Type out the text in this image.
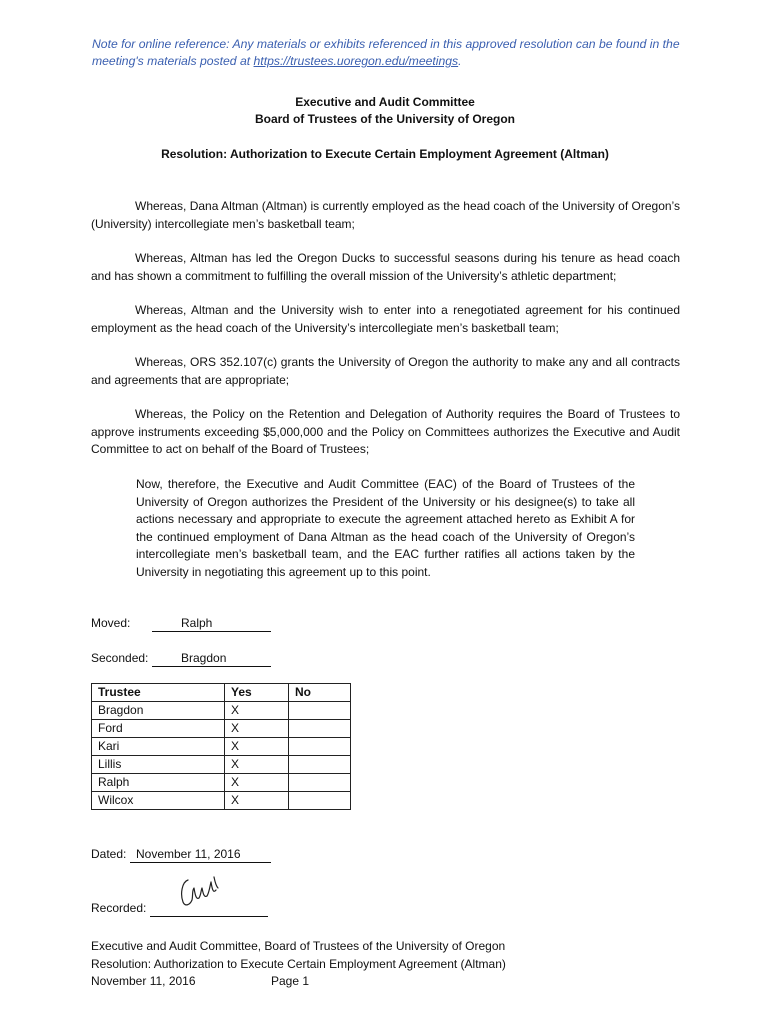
Note for online reference: Any materials or exhibits referenced in this approved resolution can be found in the meeting's materials posted at https://trustees.uoregon.edu/meetings.
Executive and Audit Committee
Board of Trustees of the University of Oregon
Resolution: Authorization to Execute Certain Employment Agreement (Altman)
Whereas, Dana Altman (Altman) is currently employed as the head coach of the University of Oregon’s (University) intercollegiate men’s basketball team;
Whereas, Altman has led the Oregon Ducks to successful seasons during his tenure as head coach and has shown a commitment to fulfilling the overall mission of the University’s athletic department;
Whereas, Altman and the University wish to enter into a renegotiated agreement for his continued employment as the head coach of the University’s intercollegiate men’s basketball team;
Whereas, ORS 352.107(c) grants the University of Oregon the authority to make any and all contracts and agreements that are appropriate;
Whereas, the Policy on the Retention and Delegation of Authority requires the Board of Trustees to approve instruments exceeding $5,000,000 and the Policy on Committees authorizes the Executive and Audit Committee to act on behalf of the Board of Trustees;
Now, therefore, the Executive and Audit Committee (EAC) of the Board of Trustees of the University of Oregon authorizes the President of the University or his designee(s) to take all actions necessary and appropriate to execute the agreement attached hereto as Exhibit A for the continued employment of Dana Altman as the head coach of the University of Oregon’s intercollegiate men’s basketball team, and the EAC further ratifies all actions taken by the University in negotiating this agreement up to this point.
Moved:	Ralph
Seconded:	Bragdon
Trustee	Yes	No
Bragdon	X	
Ford	X	
Kari	X	
Lillis	X	
Ralph	X	
Wilcox	X	
Dated: November 11, 2016
Recorded:
Executive and Audit Committee, Board of Trustees of the University of Oregon
Resolution: Authorization to Execute Certain Employment Agreement (Altman)
November 11, 2016	Page 1
